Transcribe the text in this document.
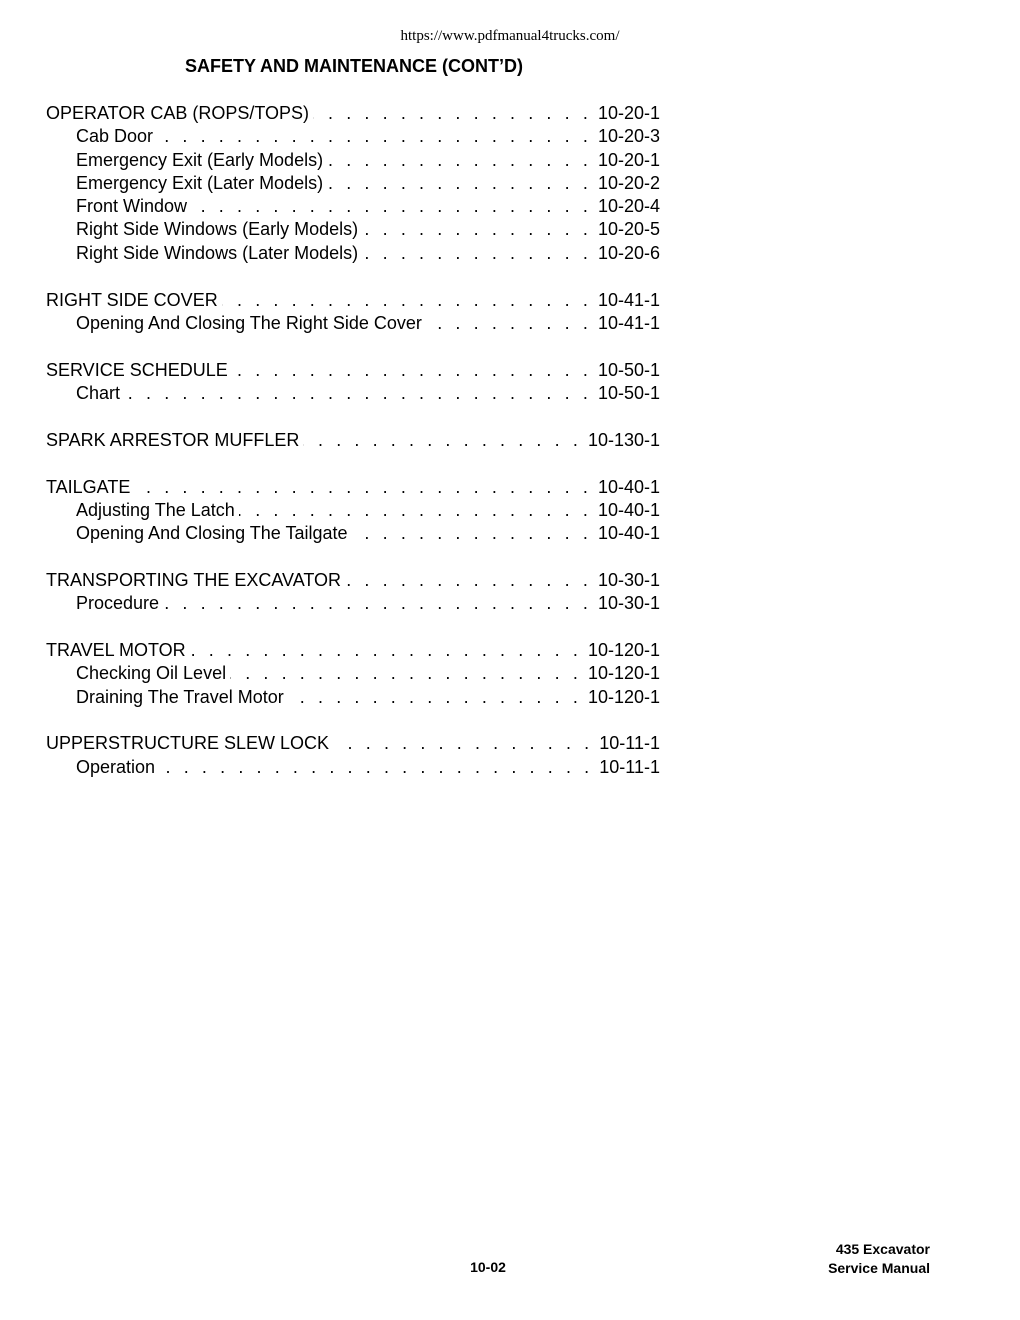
https://www.pdfmanual4trucks.com/
SAFETY AND MAINTENANCE (CONT’D)
OPERATOR CAB (ROPS/TOPS) . . .	10-20-1
Cab Door . . .	10-20-3
Emergency Exit (Early Models) . . .	10-20-1
Emergency Exit (Later Models) . . .	10-20-2
Front Window . . .	10-20-4
Right Side Windows (Early Models) . . .	10-20-5
Right Side Windows (Later Models) . . .	10-20-6
RIGHT SIDE COVER . . .	10-41-1
Opening And Closing The Right Side Cover . . .	10-41-1
SERVICE SCHEDULE . . .	10-50-1
Chart . . .	10-50-1
SPARK ARRESTOR MUFFLER . . .	10-130-1
TAILGATE . . .	10-40-1
Adjusting The Latch . . .	10-40-1
Opening And Closing The Tailgate . . .	10-40-1
TRANSPORTING THE EXCAVATOR . . .	10-30-1
Procedure . . .	10-30-1
TRAVEL MOTOR . . .	10-120-1
Checking Oil Level . . .	10-120-1
Draining The Travel Motor . . .	10-120-1
UPPERSTRUCTURE SLEW LOCK . . .	10-11-1
Operation . . .	10-11-1
10-02
435 Excavator
Service Manual
